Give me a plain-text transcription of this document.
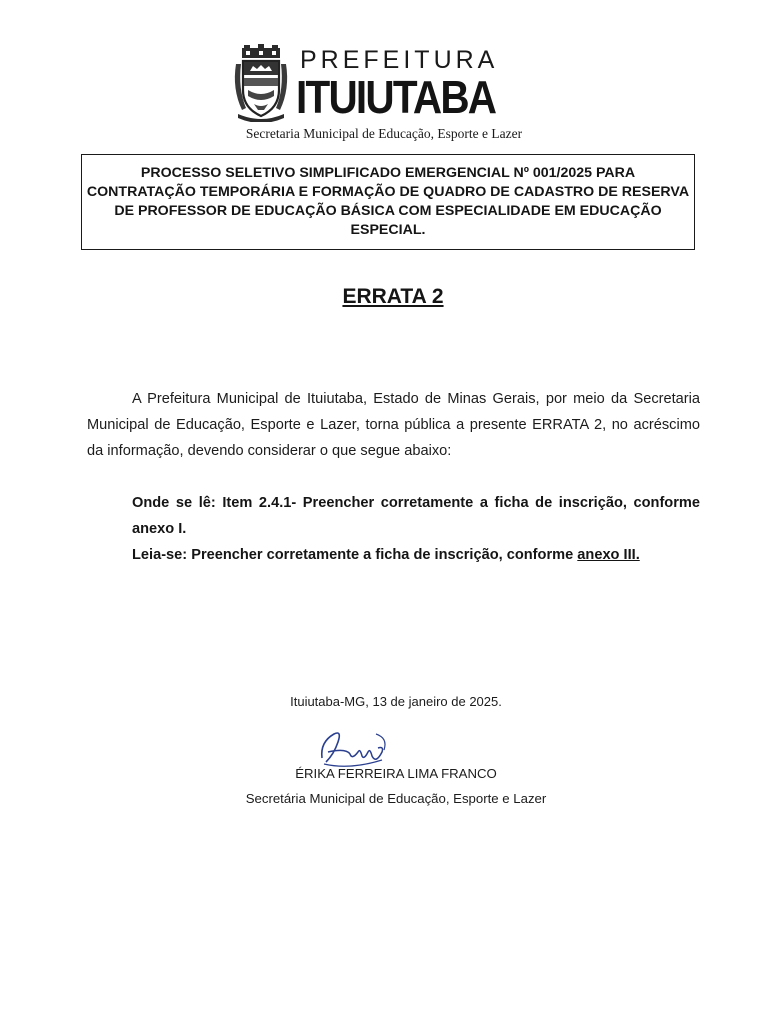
PREFEITURA
ITUIUTABA
Secretaria Municipal de Educação, Esporte e Lazer
PROCESSO SELETIVO SIMPLIFICADO EMERGENCIAL Nº 001/2025 PARA CONTRATAÇÃO TEMPORÁRIA E FORMAÇÃO DE QUADRO DE CADASTRO DE RESERVA DE PROFESSOR DE EDUCAÇÃO BÁSICA COM ESPECIALIDADE EM EDUCAÇÃO ESPECIAL.
ERRATA 2
A Prefeitura Municipal de Ituiutaba, Estado de Minas Gerais, por meio da Secretaria Municipal de Educação, Esporte e Lazer, torna pública a presente ERRATA 2, no acréscimo da informação, devendo considerar o que segue abaixo:

Onde se lê: Item 2.4.1- Preencher corretamente a ficha de inscrição, conforme anexo I.

Leia-se: Preencher corretamente a ficha de inscrição, conforme anexo III.

Ituiutaba-MG, 13 de janeiro de 2025.
ÉRIKA FERREIRA LIMA FRANCO
Secretária Municipal de Educação, Esporte e Lazer
